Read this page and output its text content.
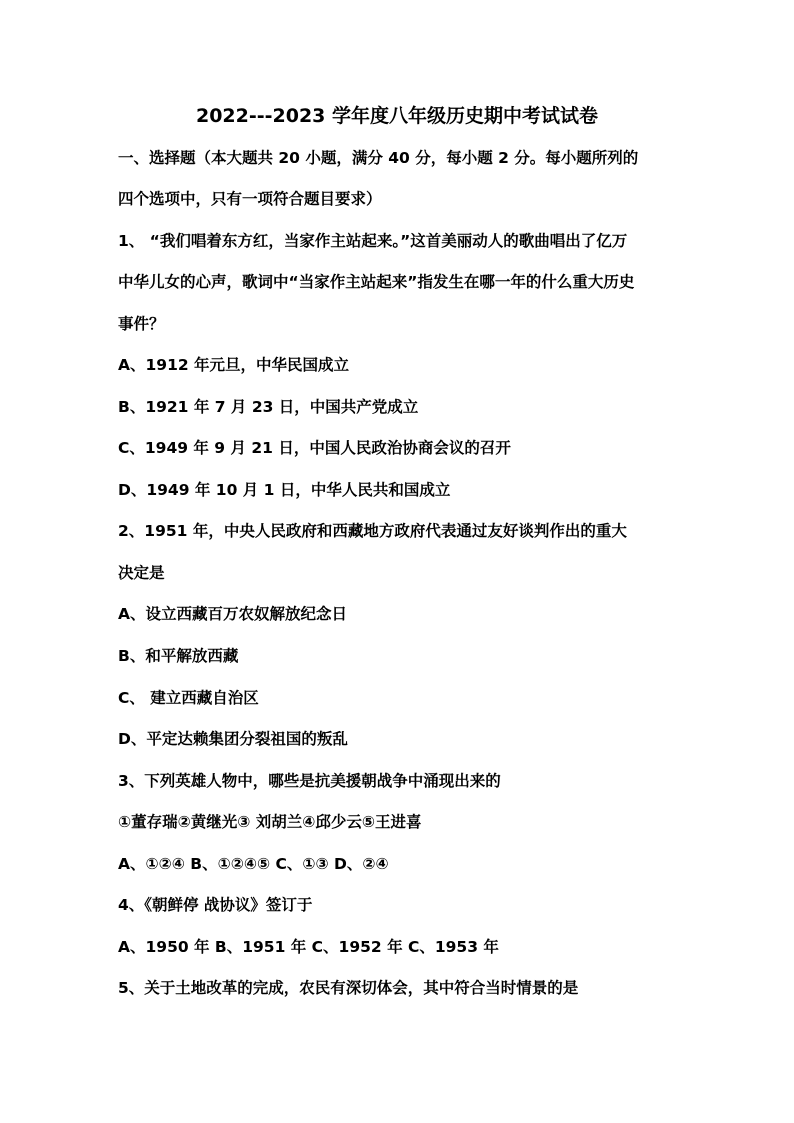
2022---2023 学年度八年级历史期中考试试卷
一、选择题（本大题共 20 小题，满分 40 分，每小题 2 分。每小题所列的
四个选项中，只有一项符合题目要求）
1、 “我们唱着东方红，当家作主站起来。”这首美丽动人的歌曲唱出了亿万
中华儿女的心声，歌词中“当家作主站起来”指发生在哪一年的什么重大历史
事件？
A、1912 年元旦，中华民国成立
B、1921 年 7 月 23 日，中国共产党成立
C、1949 年 9 月 21 日，中国人民政治协商会议的召开
D、1949 年 10 月 1 日，中华人民共和国成立
2、1951 年，中央人民政府和西藏地方政府代表通过友好谈判作出的重大
决定是
A、设立西藏百万农奴解放纪念日
B、和平解放西藏
C、 建立西藏自治区
D、平定达赖集团分裂祖国的叛乱
3、下列英雄人物中，哪些是抗美援朝战争中涌现出来的
①董存瑞②黄继光③ 刘胡兰④邱少云⑤王进喜
A、①②④ B、①②④⑤ C、①③ D、②④
4、《朝鲜停 战协议》签订于
A、1950 年 B、1951 年 C、1952 年 C、1953 年
5、关于土地改革的完成，农民有深切体会，其中符合当时情景的是
